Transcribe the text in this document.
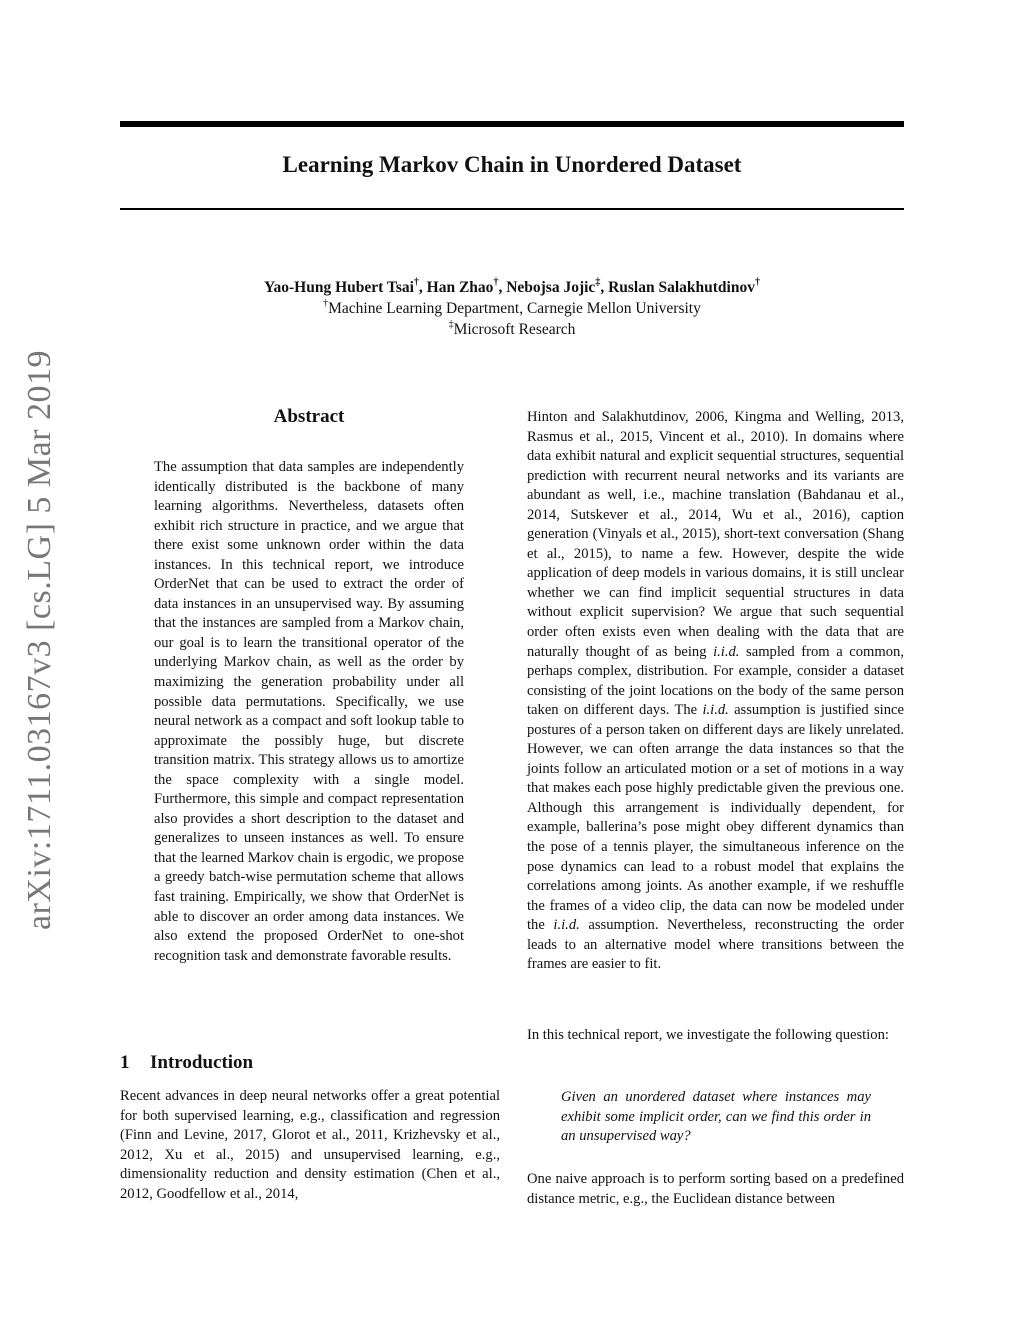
Learning Markov Chain in Unordered Dataset
Yao-Hung Hubert Tsai†, Han Zhao†, Nebojsa Jojic‡, Ruslan Salakhutdinov†
†Machine Learning Department, Carnegie Mellon University
‡Microsoft Research
arXiv:1711.03167v3 [cs.LG] 5 Mar 2019	Abstract

The assumption that data samples are independently identically distributed is the backbone of many learning algorithms. Nevertheless, datasets often exhibit rich structure in practice, and we argue that there exist some unknown order within the data instances. In this technical report, we introduce OrderNet that can be used to extract the order of data instances in an unsupervised way. By assuming that the instances are sampled from a Markov chain, our goal is to learn the transitional operator of the underlying Markov chain, as well as the order by maximizing the generation probability under all possible data permutations. Specifically, we use neural network as a compact and soft lookup table to approximate the possibly huge, but discrete transition matrix. This strategy allows us to amortize the space complexity with a single model. Furthermore, this simple and compact representation also provides a short description to the dataset and generalizes to unseen instances as well. To ensure that the learned Markov chain is ergodic, we propose a greedy batch-wise permutation scheme that allows fast training. Empirically, we show that OrderNet is able to discover an order among data instances. We also extend the proposed OrderNet to one-shot recognition task and demonstrate favorable results.

1 Introduction

Recent advances in deep neural networks offer a great potential for both supervised learning, e.g., classification and regression (Finn and Levine, 2017, Glorot et al., 2011, Krizhevsky et al., 2012, Xu et al., 2015) and unsupervised learning, e.g., dimensionality reduction and density estimation (Chen et al., 2012, Goodfellow et al., 2014,

Hinton and Salakhutdinov, 2006, Kingma and Welling, 2013, Rasmus et al., 2015, Vincent et al., 2010). In domains where data exhibit natural and explicit sequential structures, sequential prediction with recurrent neural networks and its variants are abundant as well, i.e., machine translation (Bahdanau et al., 2014, Sutskever et al., 2014, Wu et al., 2016), caption generation (Vinyals et al., 2015), short-text conversation (Shang et al., 2015), to name a few. However, despite the wide application of deep models in various domains, it is still unclear whether we can find implicit sequential structures in data without explicit supervision? We argue that such sequential order often exists even when dealing with the data that are naturally thought of as being i.i.d. sampled from a common, perhaps complex, distribution. For example, consider a dataset consisting of the joint locations on the body of the same person taken on different days. The i.i.d. assumption is justified since postures of a person taken on different days are likely unrelated. However, we can often arrange the data instances so that the joints follow an articulated motion or a set of motions in a way that makes each pose highly predictable given the previous one. Although this arrangement is individually dependent, for example, ballerina’s pose might obey different dynamics than the pose of a tennis player, the simultaneous inference on the pose dynamics can lead to a robust model that explains the correlations among joints. As another example, if we reshuffle the frames of a video clip, the data can now be modeled under the i.i.d. assumption. Nevertheless, reconstructing the order leads to an alternative model where transitions between the frames are easier to fit.

In this technical report, we investigate the following question:

Given an unordered dataset where instances may exhibit some implicit order, can we find this order in an unsupervised way?

One naive approach is to perform sorting based on a predefined distance metric, e.g., the Euclidean distance between
